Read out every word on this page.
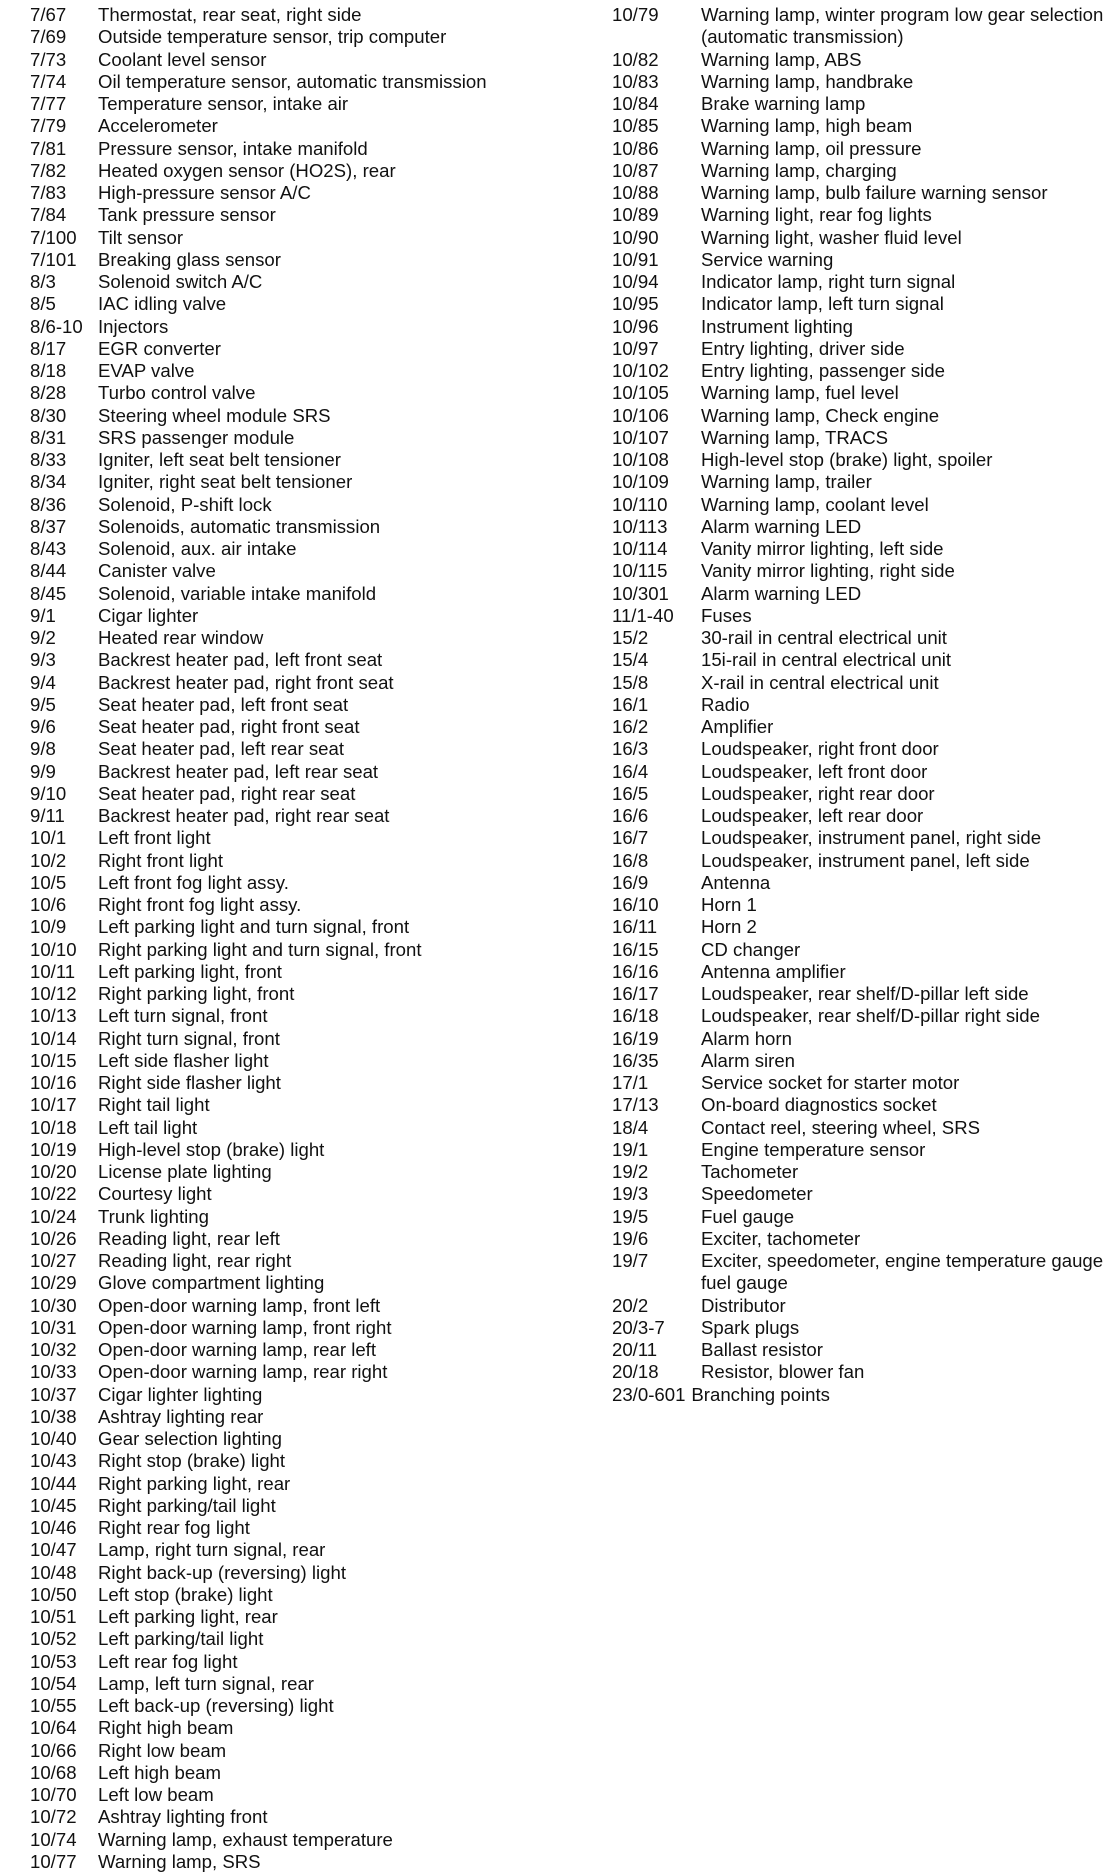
7/67	Thermostat, rear seat, right side
7/69	Outside temperature sensor, trip computer
7/73	Coolant level sensor
7/74	Oil temperature sensor, automatic transmission
7/77	Temperature sensor, intake air
7/79	Accelerometer
7/81	Pressure sensor, intake manifold
7/82	Heated oxygen sensor (HO2S), rear
7/83	High-pressure sensor A/C
7/84	Tank pressure sensor
7/100	Tilt sensor
7/101	Breaking glass sensor
8/3	Solenoid switch A/C
8/5	IAC idling valve
8/6-10 Injectors
8/17	EGR converter
8/18	EVAP valve
8/28	Turbo control valve
8/30	Steering wheel module SRS
8/31	SRS passenger module
8/33	Igniter, left seat belt tensioner
8/34	Igniter, right seat belt tensioner
8/36	Solenoid, P-shift lock
8/37	Solenoids, automatic transmission
8/43	Solenoid, aux. air intake
8/44	Canister valve
8/45	Solenoid, variable intake manifold
9/1	Cigar lighter
9/2	Heated rear window
9/3	Backrest heater pad, left front seat
9/4	Backrest heater pad, right front seat
9/5	Seat heater pad, left front seat
9/6	Seat heater pad, right front seat
9/8	Seat heater pad, left rear seat
9/9	Backrest heater pad, left rear seat
9/10	Seat heater pad, right rear seat
9/11	Backrest heater pad, right rear seat
10/1	Left front light
10/2	Right front light
10/5	Left front fog light assy.
10/6	Right front fog light assy.
10/9	Left parking light and turn signal, front
10/10	Right parking light and turn signal, front
10/11	Left parking light, front
10/12	Right parking light, front
10/13	Left turn signal, front
10/14	Right turn signal, front
10/15	Left side flasher light
10/16	Right side flasher light
10/17	Right tail light
10/18	Left tail light
10/19	High-level stop (brake) light
10/20	License plate lighting
10/22	Courtesy light
10/24	Trunk lighting
10/26	Reading light, rear left
10/27	Reading light, rear right
10/29	Glove compartment lighting
10/30	Open-door warning lamp, front left
10/31	Open-door warning lamp, front right
10/32	Open-door warning lamp, rear left
10/33	Open-door warning lamp, rear right
10/37	Cigar lighter lighting
10/38	Ashtray lighting rear
10/40	Gear selection lighting
10/43	Right stop (brake) light
10/44	Right parking light, rear
10/45	Right parking/tail light
10/46	Right rear fog light
10/47	Lamp, right turn signal, rear
10/48	Right back-up (reversing) light
10/50	Left stop (brake) light
10/51	Left parking light, rear
10/52	Left parking/tail light
10/53	Left rear fog light
10/54	Lamp, left turn signal, rear
10/55	Left back-up (reversing) light
10/64	Right high beam
10/66	Right low beam
10/68	Left high beam
10/70	Left low beam
10/72	Ashtray lighting front
10/74	Warning lamp, exhaust temperature
10/77	Warning lamp, SRS
10/79	Warning lamp, winter program low gear selection (automatic transmission)
10/82	Warning lamp, ABS
10/83	Warning lamp, handbrake
10/84	Brake warning lamp
10/85	Warning lamp, high beam
10/86	Warning lamp, oil pressure
10/87	Warning lamp, charging
10/88	Warning lamp, bulb failure warning sensor
10/89	Warning light, rear fog lights
10/90	Warning light, washer fluid level
10/91	Service warning
10/94	Indicator lamp, right turn signal
10/95	Indicator lamp, left turn signal
10/96	Instrument lighting
10/97	Entry lighting, driver side
10/102	Entry lighting, passenger side
10/105	Warning lamp, fuel level
10/106	Warning lamp, Check engine
10/107	Warning lamp, TRACS
10/108	High-level stop (brake) light, spoiler
10/109	Warning lamp, trailer
10/110	Warning lamp, coolant level
10/113	Alarm warning LED
10/114	Vanity mirror lighting, left side
10/115	Vanity mirror lighting, right side
10/301	Alarm warning LED
11/1-40	Fuses
15/2	30-rail in central electrical unit
15/4	15i-rail in central electrical unit
15/8	X-rail in central electrical unit
16/1	Radio
16/2	Amplifier
16/3	Loudspeaker, right front door
16/4	Loudspeaker, left front door
16/5	Loudspeaker, right rear door
16/6	Loudspeaker, left rear door
16/7	Loudspeaker, instrument panel, right side
16/8	Loudspeaker, instrument panel, left side
16/9	Antenna
16/10	Horn 1
16/11	Horn 2
16/15	CD changer
16/16	Antenna amplifier
16/17	Loudspeaker, rear shelf/D-pillar left side
16/18	Loudspeaker, rear shelf/D-pillar right side
16/19	Alarm horn
16/35	Alarm siren
17/1	Service socket for starter motor
17/13	On-board diagnostics socket
18/4	Contact reel, steering wheel, SRS
19/1	Engine temperature sensor
19/2	Tachometer
19/3	Speedometer
19/5	Fuel gauge
19/6	Exciter, tachometer
19/7	Exciter, speedometer, engine temperature gauge fuel gauge
20/2	Distributor
20/3-7	Spark plugs
20/11	Ballast resistor
20/18	Resistor, blower fan
23/0-601 Branching points
